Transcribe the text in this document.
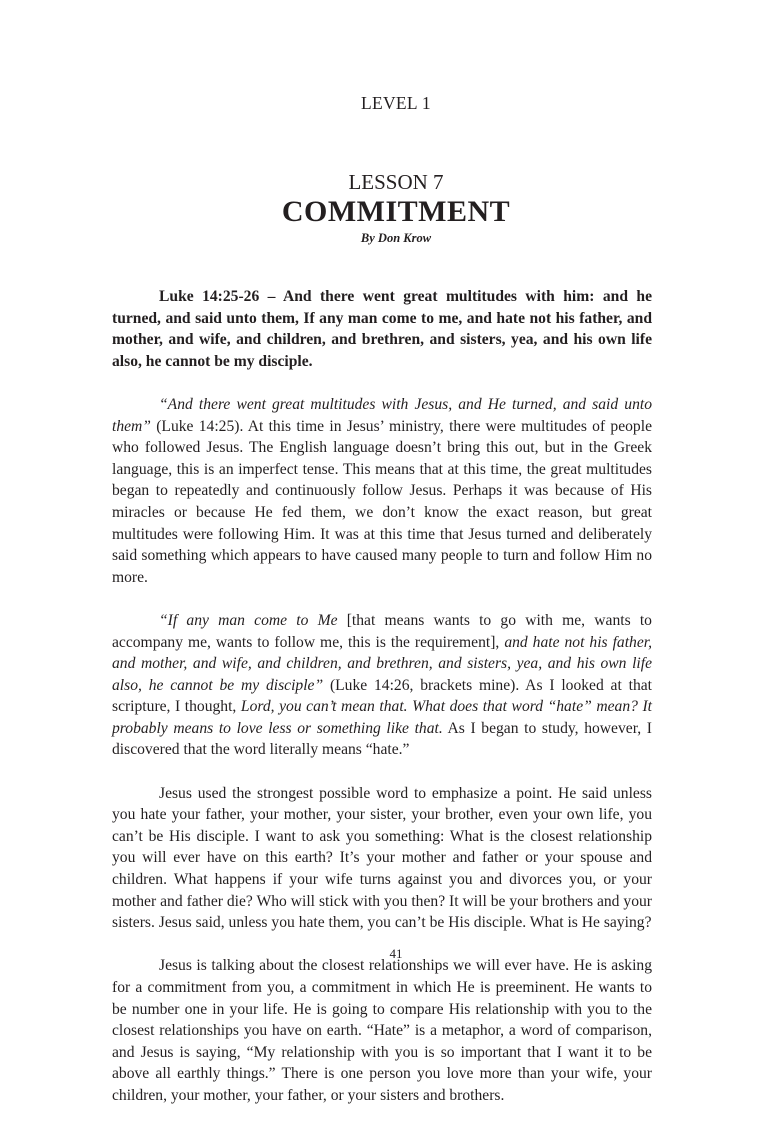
LEVEL 1
LESSON 7
COMMITMENT
By Don Krow

Luke 14:25-26 – And there went great multitudes with him: and he turned, and said unto them, If any man come to me, and hate not his father, and mother, and wife, and children, and brethren, and sisters, yea, and his own life also, he cannot be my disciple.

“And there went great multitudes with Jesus, and He turned, and said unto them” (Luke 14:25). At this time in Jesus’ ministry, there were multitudes of people who followed Jesus. The English language doesn’t bring this out, but in the Greek language, this is an imperfect tense. This means that at this time, the great multitudes began to repeatedly and continuously follow Jesus. Perhaps it was because of His miracles or because He fed them, we don’t know the exact reason, but great multitudes were following Him. It was at this time that Jesus turned and deliberately said something which appears to have caused many people to turn and follow Him no more.

“If any man come to Me [that means wants to go with me, wants to accompany me, wants to follow me, this is the requirement], and hate not his father, and mother, and wife, and children, and brethren, and sisters, yea, and his own life also, he cannot be my disciple” (Luke 14:26, brackets mine). As I looked at that scripture, I thought, Lord, you can’t mean that. What does that word “hate” mean? It probably means to love less or something like that. As I began to study, however, I discovered that the word literally means “hate.”

Jesus used the strongest possible word to emphasize a point. He said unless you hate your father, your mother, your sister, your brother, even your own life, you can’t be His disciple. I want to ask you something: What is the closest relationship you will ever have on this earth? It’s your mother and father or your spouse and children. What happens if your wife turns against you and divorces you, or your mother and father die? Who will stick with you then? It will be your brothers and your sisters. Jesus said, unless you hate them, you can’t be His disciple. What is He saying?

Jesus is talking about the closest relationships we will ever have. He is asking for a commitment from you, a commitment in which He is preeminent. He wants to be number one in your life. He is going to compare His relationship with you to the closest relationships you have on earth. “Hate” is a metaphor, a word of comparison, and Jesus is saying, “My relationship with you is so important that I want it to be above all earthly things.” There is one person you love more than your wife, your children, your mother, your father, or your sisters and brothers.

41
